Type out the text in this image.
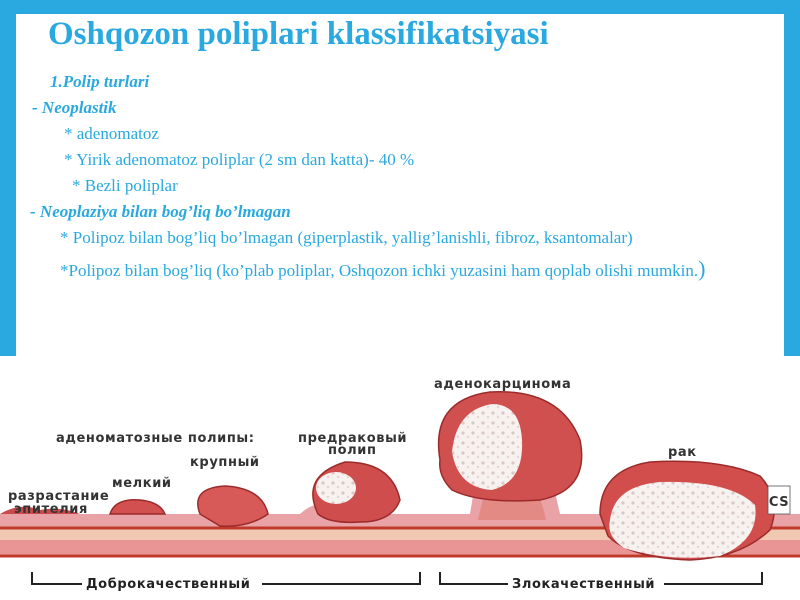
Oshqozon poliplari klassifikatsiyasi
1.Polip turlari
- Neoplastik
* adenomatoz
* Yirik adenomatoz poliplar (2 sm dan katta)- 40 %
* Bezli poliplar
- Neoplaziya bilan bog’liq bo’lmagan
* Polipoz bilan bog’liq bo’lmagan (giperplastik, yallig’lanishli, fibroz, ksantomalar)
*Polipoz bilan bog’liq (ko’plab poliplar, Oshqozon ichki yuzasini ham qoplab olishi mumkin.)
CS
разрастание
эпителия
мелкий
аденоматозные полипы:
крупный
предраковый
полип
аденокарцинома
рак
Доброкачественный	Злокачественный
